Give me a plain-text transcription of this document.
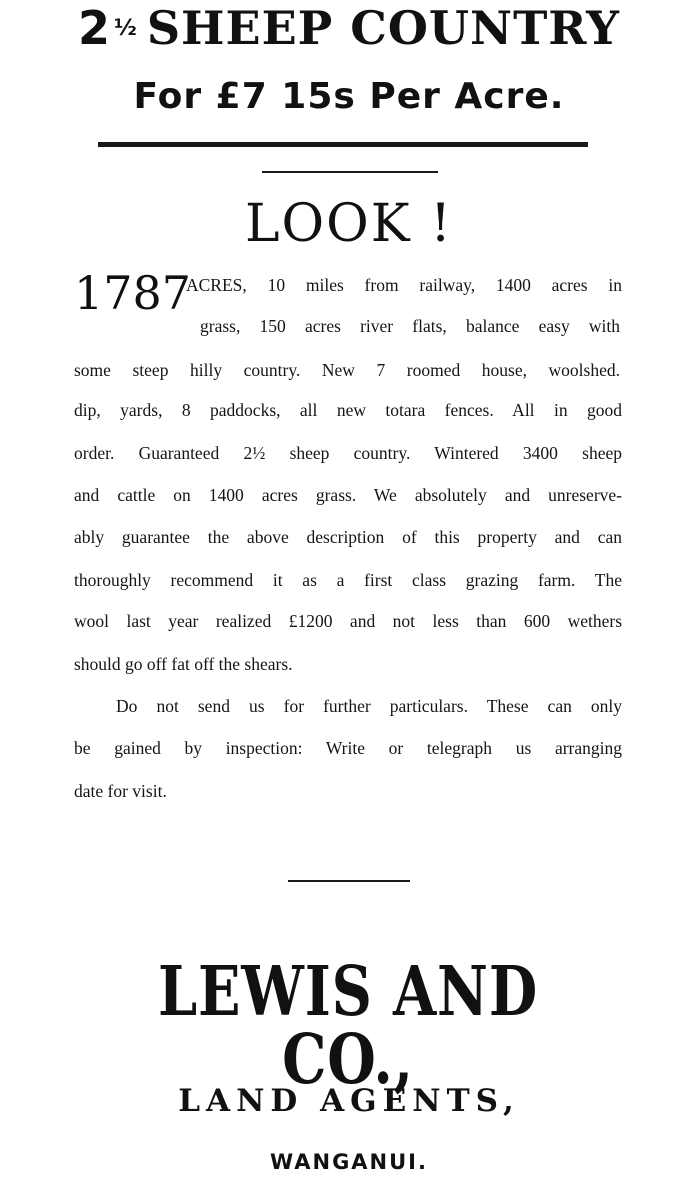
2 ½ SHEEP COUNTRY
For £7 15s Per Acre.
LOOK !
1787
ACRES, 10 miles from railway, 1400 acres in
grass, 150 acres river flats, balance easy with
some steep hilly country. New 7 roomed house, woolshed.
dip, yards, 8 paddocks, all new totara fences. All in good
order. Guaranteed 2½ sheep country. Wintered 3400 sheep
and cattle on 1400 acres grass. We absolutely and unreserve-
ably guarantee the above description of this property and can
thoroughly recommend it as a first class grazing farm. The
wool last year realized £1200 and not less than 600 wethers
should go off fat off the shears.
Do not send us for further particulars. These can only
be gained by inspection: Write or telegraph us arranging
date for visit.
LEWIS AND CO.,
LAND AGENTS,
WANGANUI.
